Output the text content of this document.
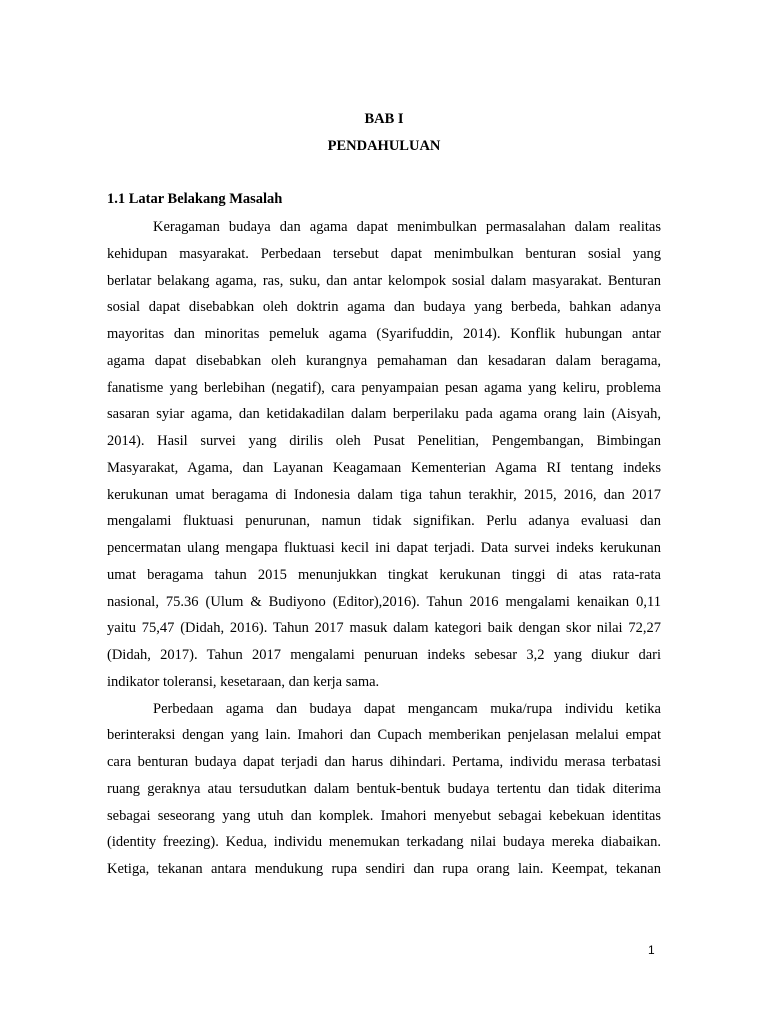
BAB I
PENDAHULUAN
1.1 Latar Belakang Masalah
Keragaman budaya dan agama dapat menimbulkan permasalahan dalam realitas
kehidupan masyarakat. Perbedaan tersebut dapat menimbulkan benturan sosial yang
berlatar belakang agama, ras, suku, dan antar kelompok sosial dalam masyarakat. Benturan
sosial dapat disebabkan oleh doktrin agama dan budaya yang berbeda, bahkan adanya
mayoritas dan minoritas pemeluk agama (Syarifuddin, 2014). Konflik hubungan antar
agama dapat disebabkan oleh kurangnya pemahaman dan kesadaran dalam beragama,
fanatisme yang berlebihan (negatif), cara penyampaian pesan agama yang keliru, problema
sasaran syiar agama, dan ketidakadilan dalam berperilaku pada agama orang lain (Aisyah,
2014). Hasil survei yang dirilis oleh Pusat Penelitian, Pengembangan, Bimbingan
Masyarakat, Agama, dan Layanan Keagamaan Kementerian Agama RI tentang indeks
kerukunan umat beragama di Indonesia dalam tiga tahun terakhir, 2015, 2016, dan 2017
mengalami fluktuasi penurunan, namun tidak signifikan. Perlu adanya evaluasi dan
pencermatan ulang mengapa fluktuasi kecil ini dapat terjadi. Data survei indeks kerukunan
umat beragama tahun 2015 menunjukkan tingkat kerukunan tinggi di atas rata-rata
nasional, 75.36 (Ulum & Budiyono (Editor),2016). Tahun 2016 mengalami kenaikan 0,11
yaitu 75,47 (Didah, 2016). Tahun 2017 masuk dalam kategori baik dengan skor nilai 72,27
(Didah, 2017). Tahun 2017 mengalami penuruan indeks sebesar 3,2 yang diukur dari
indikator toleransi, kesetaraan, dan kerja sama.
Perbedaan agama dan budaya dapat mengancam muka/rupa individu ketika
berinteraksi dengan yang lain. Imahori dan Cupach memberikan penjelasan melalui empat
cara benturan budaya dapat terjadi dan harus dihindari. Pertama, individu merasa terbatasi
ruang geraknya atau tersudutkan dalam bentuk-bentuk budaya tertentu dan tidak diterima
sebagai seseorang yang utuh dan komplek. Imahori menyebut sebagai kebekuan identitas
(identity freezing). Kedua, individu menemukan terkadang nilai budaya mereka diabaikan.
Ketiga, tekanan antara mendukung rupa sendiri dan rupa orang lain. Keempat, tekanan
1
